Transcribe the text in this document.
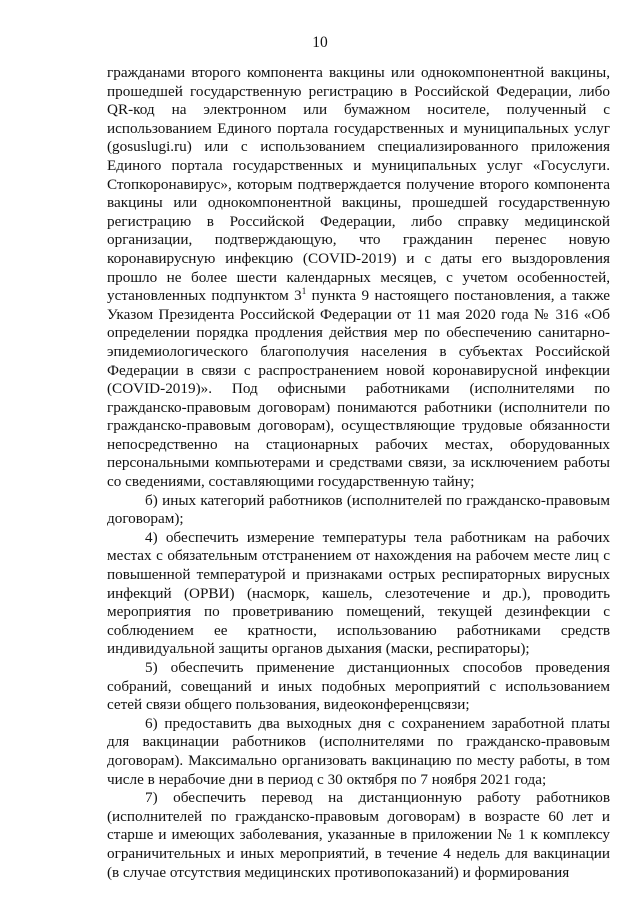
10

гражданами второго компонента вакцины или однокомпонентной вакцины, прошедшей государственную регистрацию в Российской Федерации, либо QR-код на электронном или бумажном носителе, полученный с использованием Единого портала государственных и муниципальных услуг (gosuslugi.ru) или с использованием специализированного приложения Единого портала государственных и муниципальных услуг «Госуслуги. Стопкоронавирус», которым подтверждается получение второго компонента вакцины или однокомпонентной вакцины, прошедшей государственную регистрацию в Российской Федерации, либо справку медицинской организации, подтверждающую, что гражданин перенес новую коронавирусную инфекцию (COVID-2019) и с даты его выздоровления прошло не более шести календарных месяцев, с учетом особенностей, установленных подпунктом $3^1$ пункта 9 настоящего постановления, а также Указом Президента Российской Федерации от 11 мая 2020 года № 316 «Об определении порядка продления действия мер по обеспечению санитарно-эпидемиологического благополучия населения в субъектах Российской Федерации в связи с распространением новой коронавирусной инфекции (COVID-2019)». Под офисными работниками (исполнителями по гражданско-правовым договорам) понимаются работники (исполнители по гражданско-правовым договорам), осуществляющие трудовые обязанности непосредственно на стационарных рабочих местах, оборудованных персональными компьютерами и средствами связи, за исключением работы со сведениями, составляющими государственную тайну;

б) иных категорий работников (исполнителей по гражданско-правовым договорам);

4) обеспечить измерение температуры тела работникам на рабочих местах с обязательным отстранением от нахождения на рабочем месте лиц с повышенной температурой и признаками острых респираторных вирусных инфекций (ОРВИ) (насморк, кашель, слезотечение и др.), проводить мероприятия по проветриванию помещений, текущей дезинфекции с соблюдением ее кратности, использованию работниками средств индивидуальной защиты органов дыхания (маски, респираторы);

5) обеспечить применение дистанционных способов проведения собраний, совещаний и иных подобных мероприятий с использованием сетей связи общего пользования, видеоконференцсвязи;

6) предоставить два выходных дня с сохранением заработной платы для вакцинации работников (исполнителями по гражданско-правовым договорам). Максимально организовать вакцинацию по месту работы, в том числе в нерабочие дни в период с 30 октября по 7 ноября 2021 года;

7) обеспечить перевод на дистанционную работу работников (исполнителей по гражданско-правовым договорам) в возрасте 60 лет и старше и имеющих заболевания, указанные в приложении № 1 к комплексу ограничительных и иных мероприятий, в течение 4 недель для вакцинации (в случае отсутствия медицинских противопоказаний) и формирования
